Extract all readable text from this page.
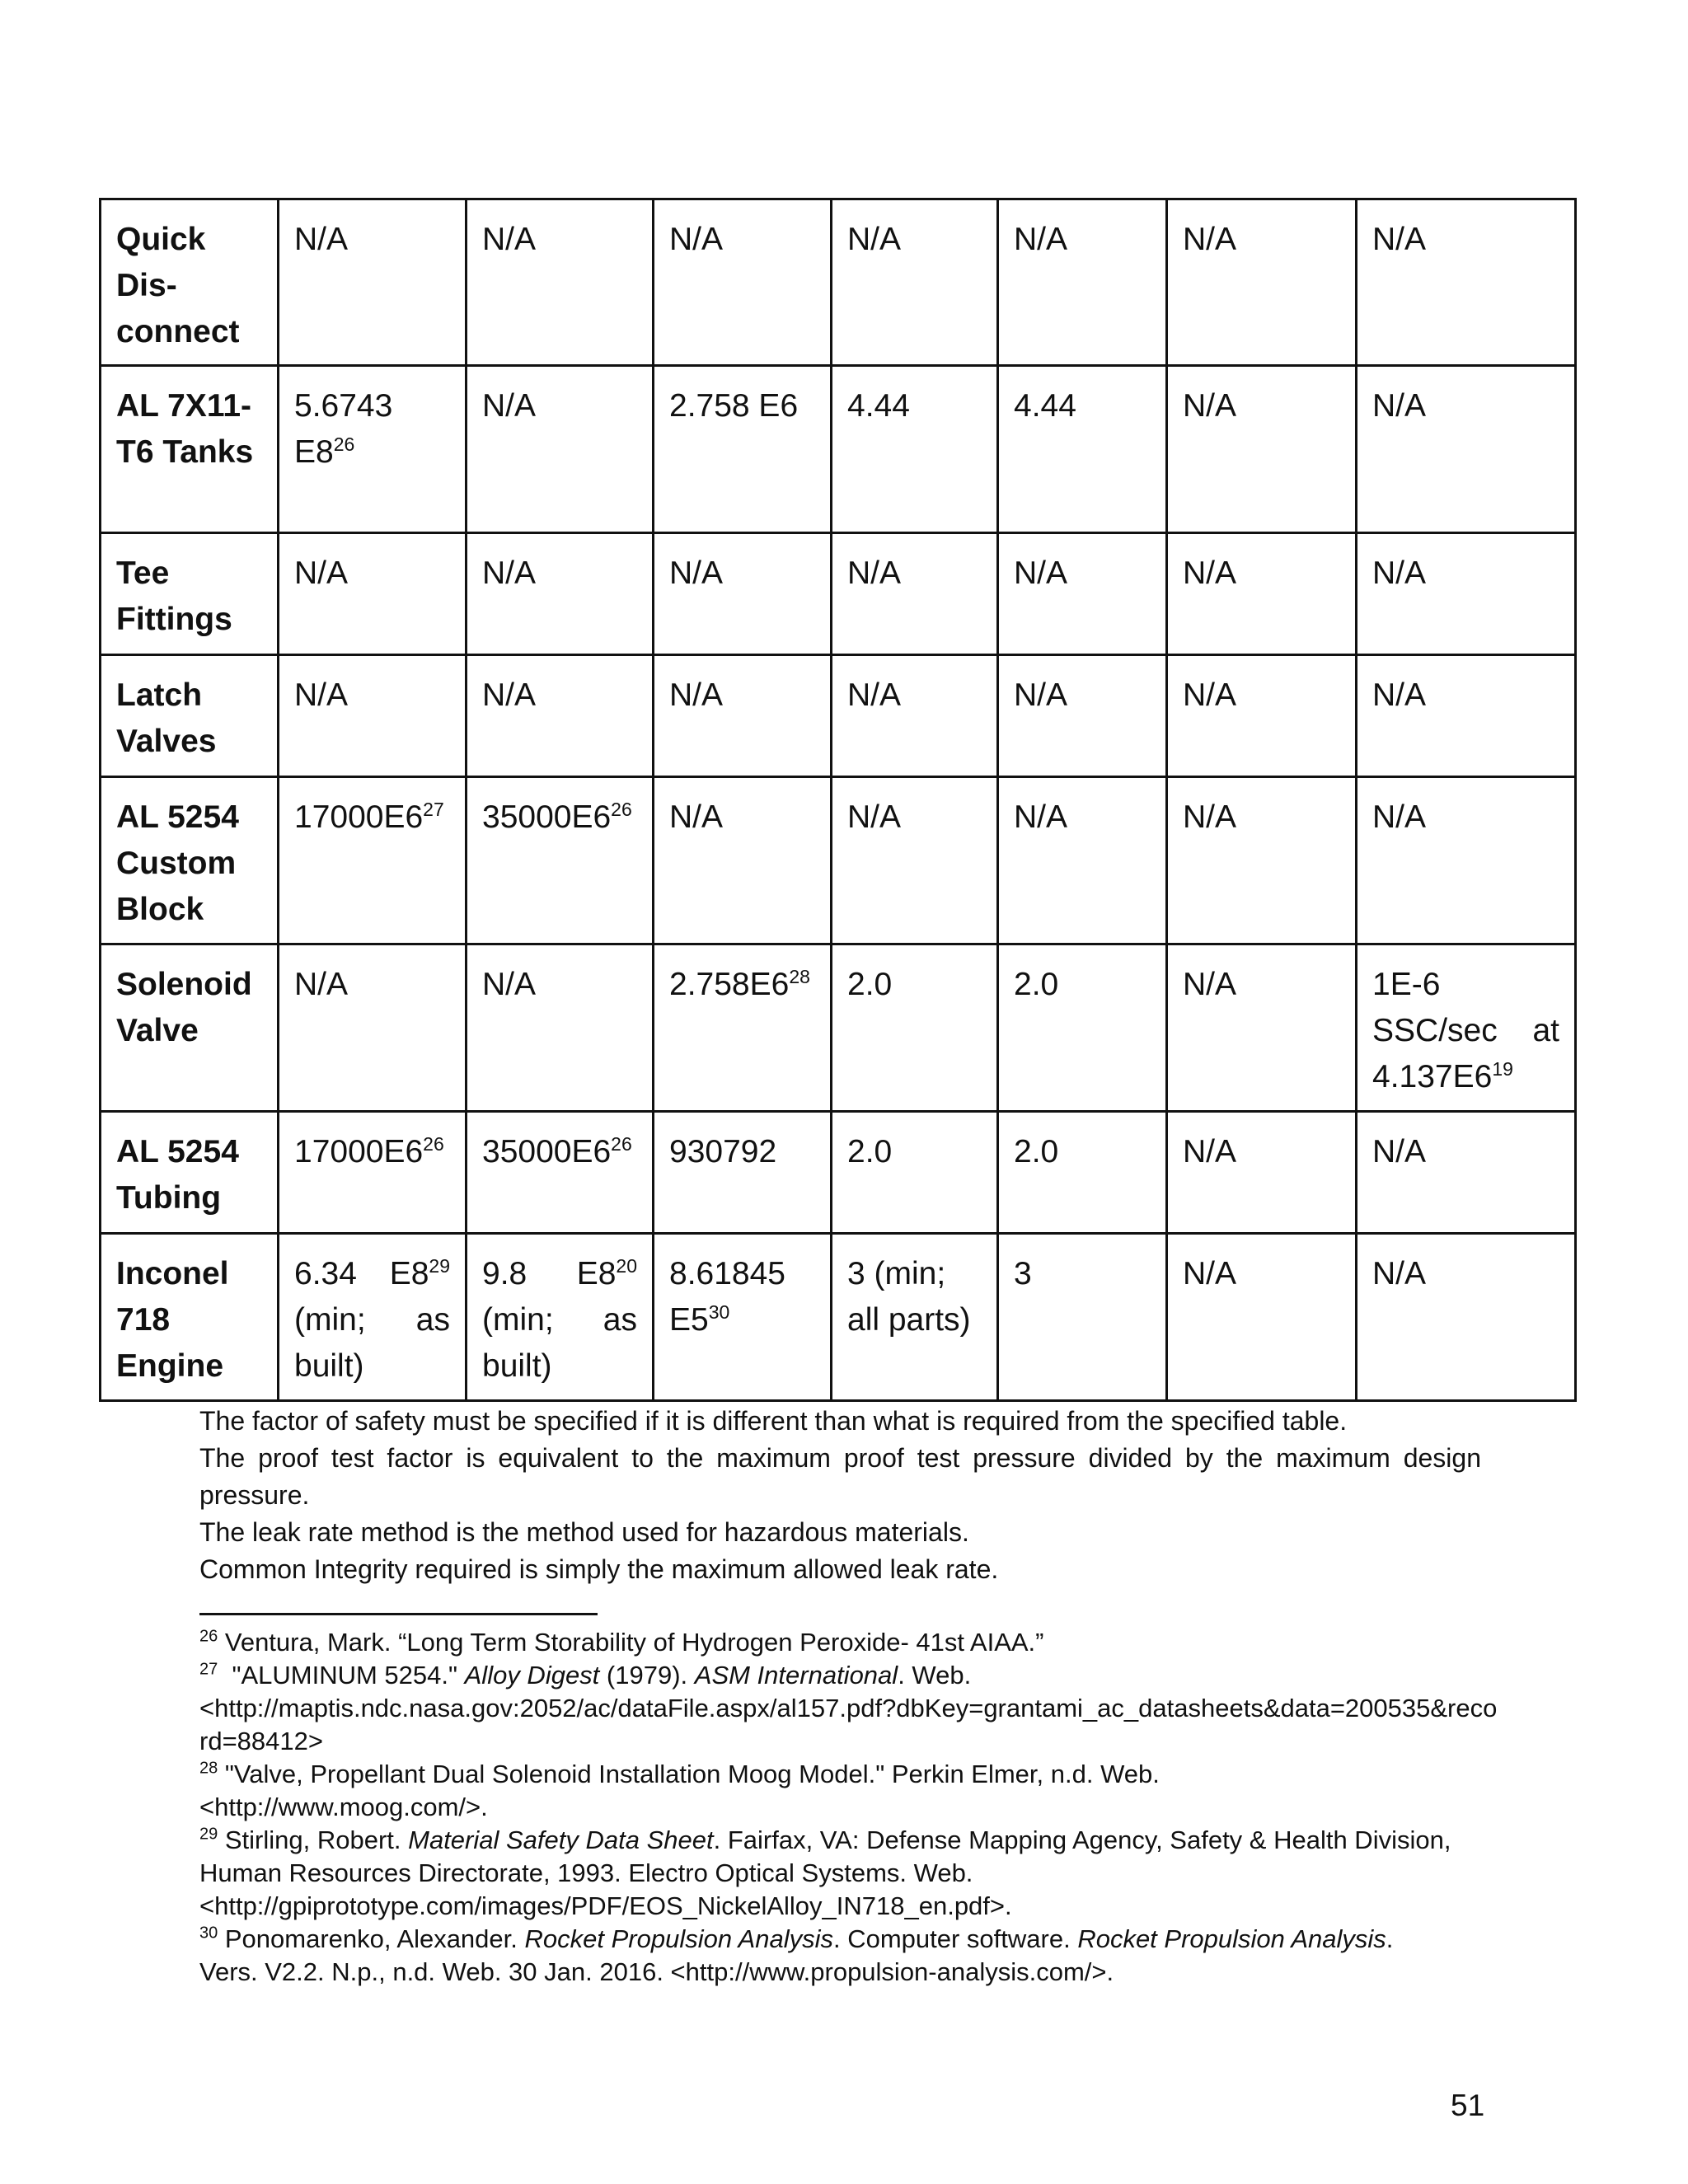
Quick Dis-connect	N/A	N/A	N/A	N/A	N/A	N/A	N/A
AL 7X11-T6 Tanks	5.6743 $E8^{26}$	N/A	2.758 E6	4.44	4.44	N/A	N/A
Tee Fittings	N/A	N/A	N/A	N/A	N/A	N/A	N/A
Latch Valves	N/A	N/A	N/A	N/A	N/A	N/A	N/A
AL 5254 Custom Block	$17000E6^{27}$	$35000E6^{26}$	N/A	N/A	N/A	N/A	N/A
Solenoid Valve	N/A	N/A	$2.758E6^{28}$	2.0	2.0	N/A	1E-6 SSC/sec at $4.137E6^{19}$
AL 5254 Tubing	$17000E6^{26}$	$35000E6^{26}$	930792	2.0	2.0	N/A	N/A
Inconel 718 Engine	6.34 $E8^{29}$ (min; as built)	9.8 $E8^{20}$ (min; as built)	8.61845 $E5^{30}$	3 (min; all parts)	3	N/A	N/A

The factor of safety must be specified if it is different than what is required from the specified table.

The proof test factor is equivalent to the maximum proof test pressure divided by the maximum design pressure.

The leak rate method is the method used for hazardous materials.

Common Integrity required is simply the maximum allowed leak rate.

$^{26}$ Ventura, Mark. “Long Term Storability of Hydrogen Peroxide- 41st AIAA.”

$^{27}$  "ALUMINUM 5254." Alloy Digest (1979). ASM International. Web.

<http://maptis.ndc.nasa.gov:2052/ac/dataFile.aspx/al157.pdf?dbKey=grantami_ac_datasheets&data=200535&record=88412>

$^{28}$ "Valve, Propellant Dual Solenoid Installation Moog Model." Perkin Elmer, n.d. Web.

<http://www.moog.com/>.

$^{29}$ Stirling, Robert. Material Safety Data Sheet. Fairfax, VA: Defense Mapping Agency, Safety & Health Division, Human Resources Directorate, 1993. Electro Optical Systems. Web.

<http://gpiprototype.com/images/PDF/EOS_NickelAlloy_IN718_en.pdf>.

$^{30}$ Ponomarenko, Alexander. Rocket Propulsion Analysis. Computer software. Rocket Propulsion Analysis.

Vers. V2.2. N.p., n.d. Web. 30 Jan. 2016. <http://www.propulsion-analysis.com/>.

51
